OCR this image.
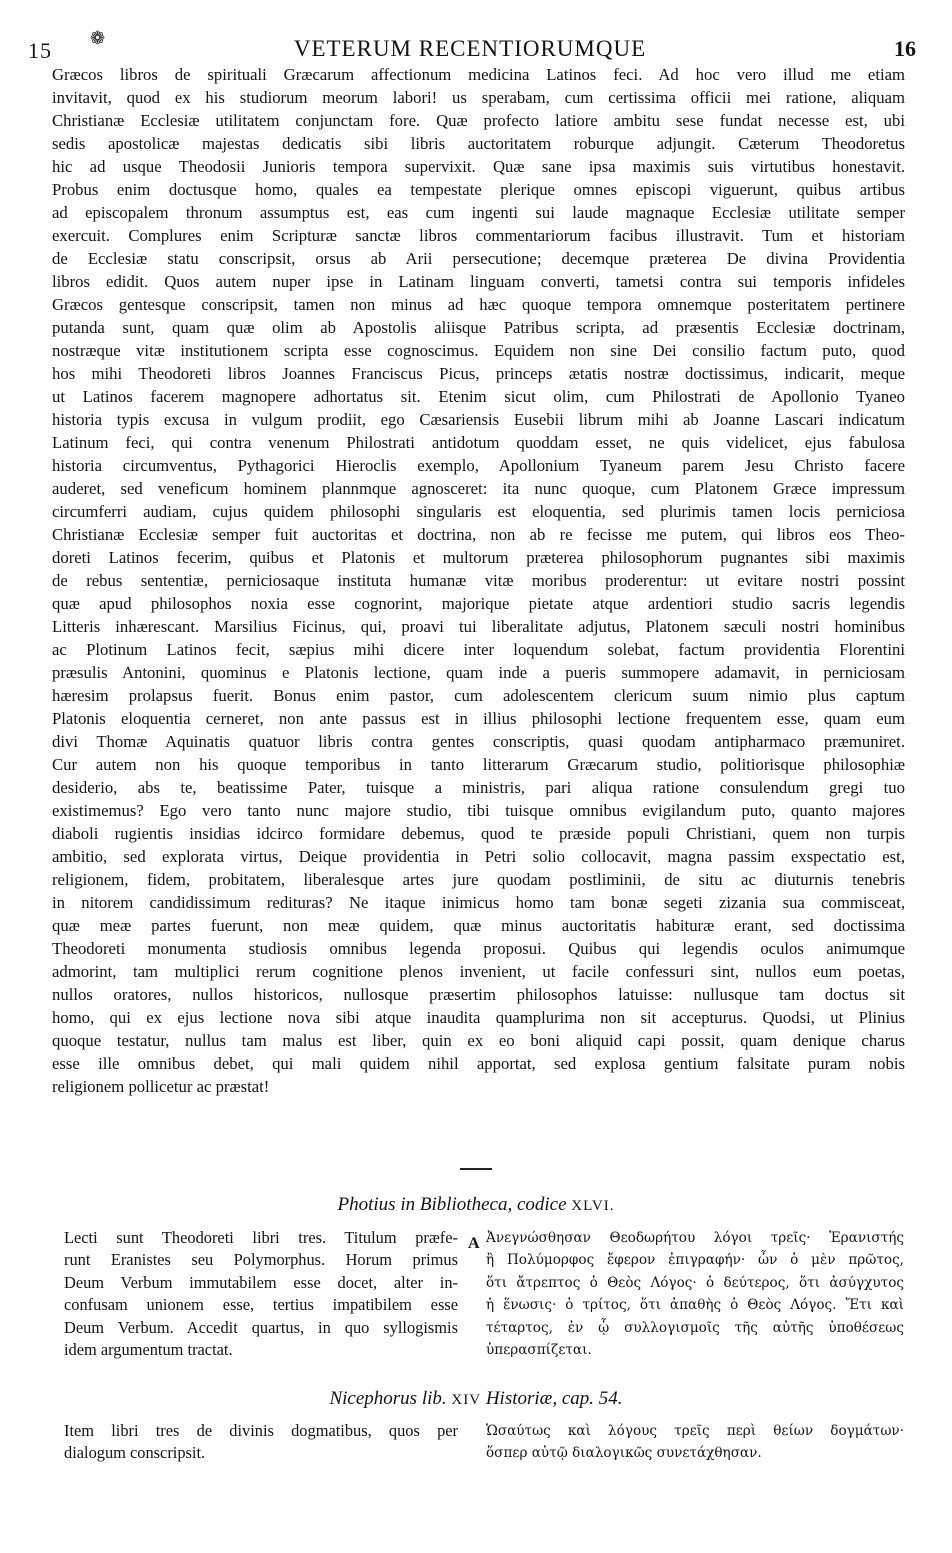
15 ❁	VETERUM RECENTIORUMQUE	16
Græcos libros de spirituali Græcarum affectionum medicina Latinos feci. Ad hoc vero illud me etiam
invitavit, quod ex his studiorum meorum labori! us sperabam, cum certissima officii mei ratione, aliquam
Christianæ Ecclesiæ utilitatem conjunctam fore. Quæ profecto latiore ambitu sese fundat necesse est, ubi
sedis apostolicæ majestas dedicatis sibi libris auctoritatem roburque adjungit. Cæterum Theodoretus
hic ad usque Theodosii Junioris tempora supervixit. Quæ sane ipsa maximis suis virtutibus honestavit.
Probus enim doctusque homo, quales ea tempestate plerique omnes episcopi viguerunt, quibus artibus
ad episcopalem thronum assumptus est, eas cum ingenti sui laude magnaque Ecclesiæ utilitate semper
exercuit. Complures enim Scripturæ sanctæ libros commentariorum facibus illustravit. Tum et historiam
de Ecclesiæ statu conscripsit, orsus ab Arii persecutione; decemque præterea De divina Providentia
libros edidit. Quos autem nuper ipse in Latinam linguam converti, tametsi contra sui temporis infideles
Græcos gentesque conscripsit, tamen non minus ad hæc quoque tempora omnemque posteritatem pertinere
putanda sunt, quam quæ olim ab Apostolis aliisque Patribus scripta, ad præsentis Ecclesiæ doctrinam,
nostræque vitæ institutionem scripta esse cognoscimus. Equidem non sine Dei consilio factum puto, quod
hos mihi Theodoreti libros Joannes Franciscus Picus, princeps ætatis nostræ doctissimus, indicarit, meque
ut Latinos facerem magnopere adhortatus sit. Etenim sicut olim, cum Philostrati de Apollonio Tyaneo
historia typis excusa in vulgum prodiit, ego Cæsariensis Eusebii librum mihi ab Joanne Lascari indicatum
Latinum feci, qui contra venenum Philostrati antidotum quoddam esset, ne quis videlicet, ejus fabulosa
historia circumventus, Pythagorici Hieroclis exemplo, Apollonium Tyaneum parem Jesu Christo facere
auderet, sed veneficum hominem plannmque agnosceret: ita nunc quoque, cum Platonem Græce impressum
circumferri audiam, cujus quidem philosophi singularis est eloquentia, sed plurimis tamen locis perniciosa
Christianæ Ecclesiæ semper fuit auctoritas et doctrina, non ab re fecisse me putem, qui libros eos Theo-
doreti Latinos fecerim, quibus et Platonis et multorum præterea philosophorum pugnantes sibi maximis
de rebus sententiæ, perniciosaque instituta humanæ vitæ moribus proderentur: ut evitare nostri possint
quæ apud philosophos noxia esse cognorint, majorique pietate atque ardentiori studio sacris legendis
Litteris inhærescant. Marsilius Ficinus, qui, proavi tui liberalitate adjutus, Platonem sæculi nostri hominibus
ac Plotinum Latinos fecit, sæpius mihi dicere inter loquendum solebat, factum providentia Florentini
præsulis Antonini, quominus e Platonis lectione, quam inde a pueris summopere adamavit, in perniciosam
hæresim prolapsus fuerit. Bonus enim pastor, cum adolescentem clericum suum nimio plus captum
Platonis eloquentia cerneret, non ante passus est in illius philosophi lectione frequentem esse, quam eum
divi Thomæ Aquinatis quatuor libris contra gentes conscriptis, quasi quodam antipharmaco præmuniret.
Cur autem non his quoque temporibus in tanto litterarum Græcarum studio, politiorisque philosophiæ
desiderio, abs te, beatissime Pater, tuisque a ministris, pari aliqua ratione consulendum gregi tuo
existimemus? Ego vero tanto nunc majore studio, tibi tuisque omnibus evigilandum puto, quanto majores
diaboli rugientis insidias idcirco formidare debemus, quod te præside populi Christiani, quem non turpis
ambitio, sed explorata virtus, Deique providentia in Petri solio collocavit, magna passim exspectatio est,
religionem, fidem, probitatem, liberalesque artes jure quodam postliminii, de situ ac diuturnis tenebris
in nitorem candidissimum redituras? Ne itaque inimicus homo tam bonæ segeti zizania sua commisceat,
quæ meæ partes fuerunt, non meæ quidem, quæ minus auctoritatis habituræ erant, sed doctissima
Theodoreti monumenta studiosis omnibus legenda proposui. Quibus qui legendis oculos animumque
admorint, tam multiplici rerum cognitione plenos invenient, ut facile confessuri sint, nullos eum poetas,
nullos oratores, nullos historicos, nullosque præsertim philosophos latuisse: nullusque tam doctus sit
homo, qui ex ejus lectione nova sibi atque inaudita quamplurima non sit accepturus. Quodsi, ut Plinius
quoque testatur, nullus tam malus est liber, quin ex eo boni aliquid capi possit, quam denique charus
esse ille omnibus debet, qui mali quidem nihil apportat, sed explosa gentium falsitate puram nobis
religionem pollicetur ac præstat!
Photius in Bibliotheca, codice XLVI.
Lecti sunt Theodoreti libri tres. Titulum præfe-
runt Eranistes seu Polymorphus. Horum primus
Deum Verbum immutabilem esse docet, alter in-
confusam unionem esse, tertius impatibilem esse
Deum Verbum. Accedit quartus, in quo syllogismis
idem argumentum tractat.
A Ἀνεγνώσθησαν Θεοδωρήτου λόγοι τρεῖς· Ἐρανιστής
ἢ Πολύμορφος ἔφερον ἐπιγραφήν· ὧν ὁ μὲν πρῶτος,
ὅτι ἄτρεπτος ὁ Θεὸς Λόγος· ὁ δεύτερος, ὅτι ἀσύγχυτος
ἡ ἕνωσις· ὁ τρίτος, ὅτι ἀπαθὴς ὁ Θεὸς Λόγος. Ἔτι καὶ
τέταρτος, ἐν ᾧ συλλογισμοῖς τῆς αὐτῆς ὑποθέσεως
ὑπερασπίζεται.
Nicephorus lib. XIV Historiæ, cap. 54.
Item libri tres de divinis dogmatibus, quos per
dialogum conscripsit.
Ὡσαύτως καὶ λόγους τρεῖς περὶ θείων δογμάτων·
ὅσπερ αὐτῷ διαλογικῶς συνετάχθησαν.
